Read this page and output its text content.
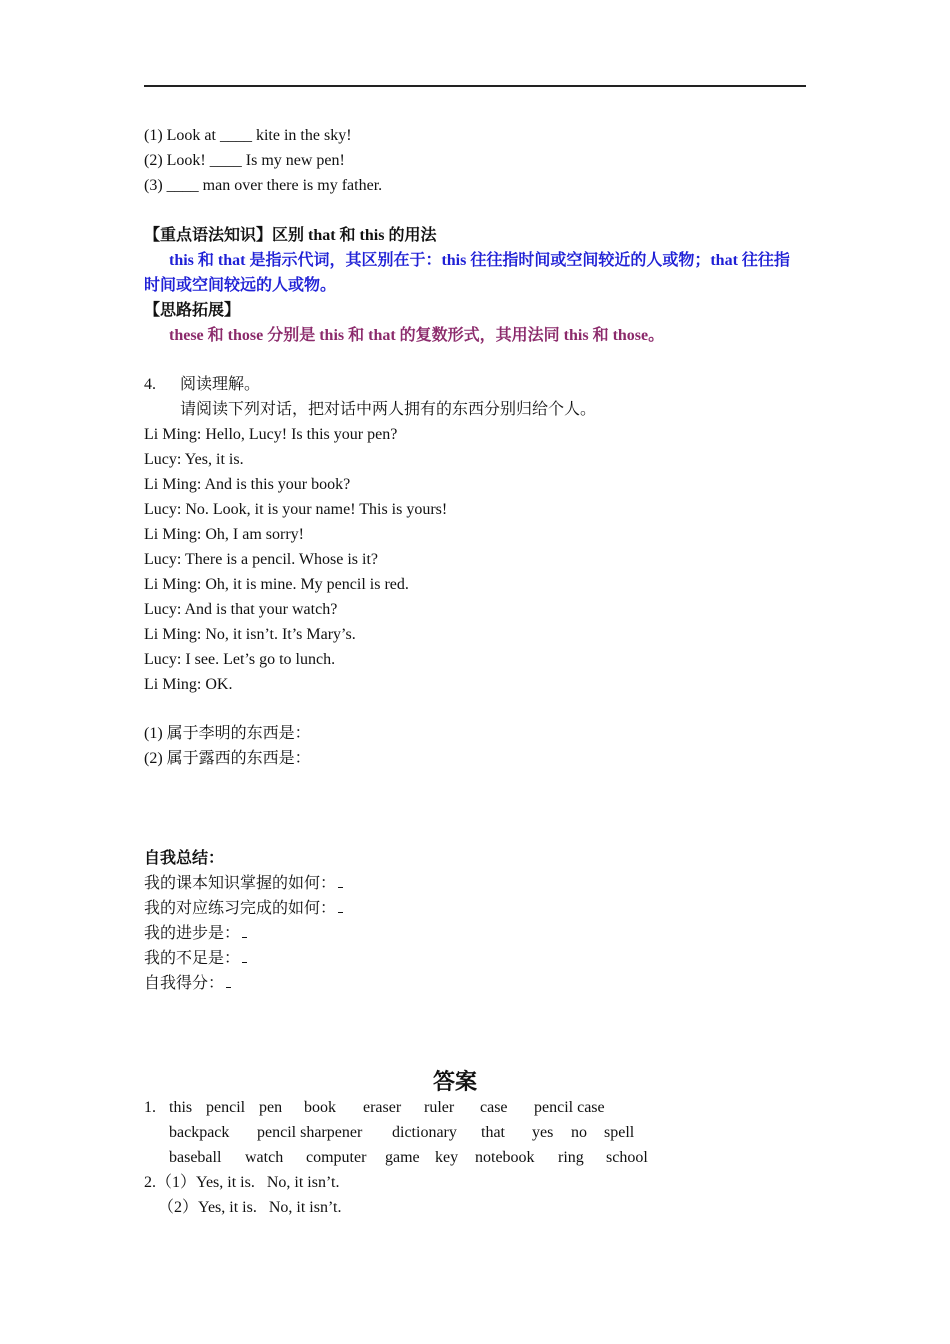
(1) Look at ____ kite in the sky!
(2) Look! ____ Is my new pen!
(3) ____ man over there is my father.
【重点语法知识】区别 that 和 this 的用法
this 和 that 是指示代词，其区别在于：this 往往指时间或空间较近的人或物；that 往往指
时间或空间较远的人或物。
【思路拓展】
these 和 those 分别是 this 和 that 的复数形式，其用法同 this 和 those。
4. 阅读理解。
请阅读下列对话，把对话中两人拥有的东西分别归给个人。
Li Ming: Hello, Lucy! Is this your pen?
Lucy: Yes, it is.
Li Ming: And is this your book?
Lucy: No. Look, it is your name! This is yours!
Li Ming: Oh, I am sorry!
Lucy: There is a pencil. Whose is it?
Li Ming: Oh, it is mine. My pencil is red.
Lucy: And is that your watch?
Li Ming: No, it isn’t. It’s Mary’s.
Lucy: I see. Let’s go to lunch.
Li Ming: OK.
(1) 属于李明的东西是：
(2) 属于露西的东西是：
自我总结：
我的课本知识掌握的如何：
我的对应练习完成的如何：
我的进步是：
我的不足是：
自我得分：
答案
1. this pencil pen book eraser ruler case pencil case
backpack pencil sharpener dictionary that yes no spell
baseball watch computer game key notebook ring school
2.（1）Yes, it is.   No, it isn’t.
（2）Yes, it is.   No, it isn’t.
